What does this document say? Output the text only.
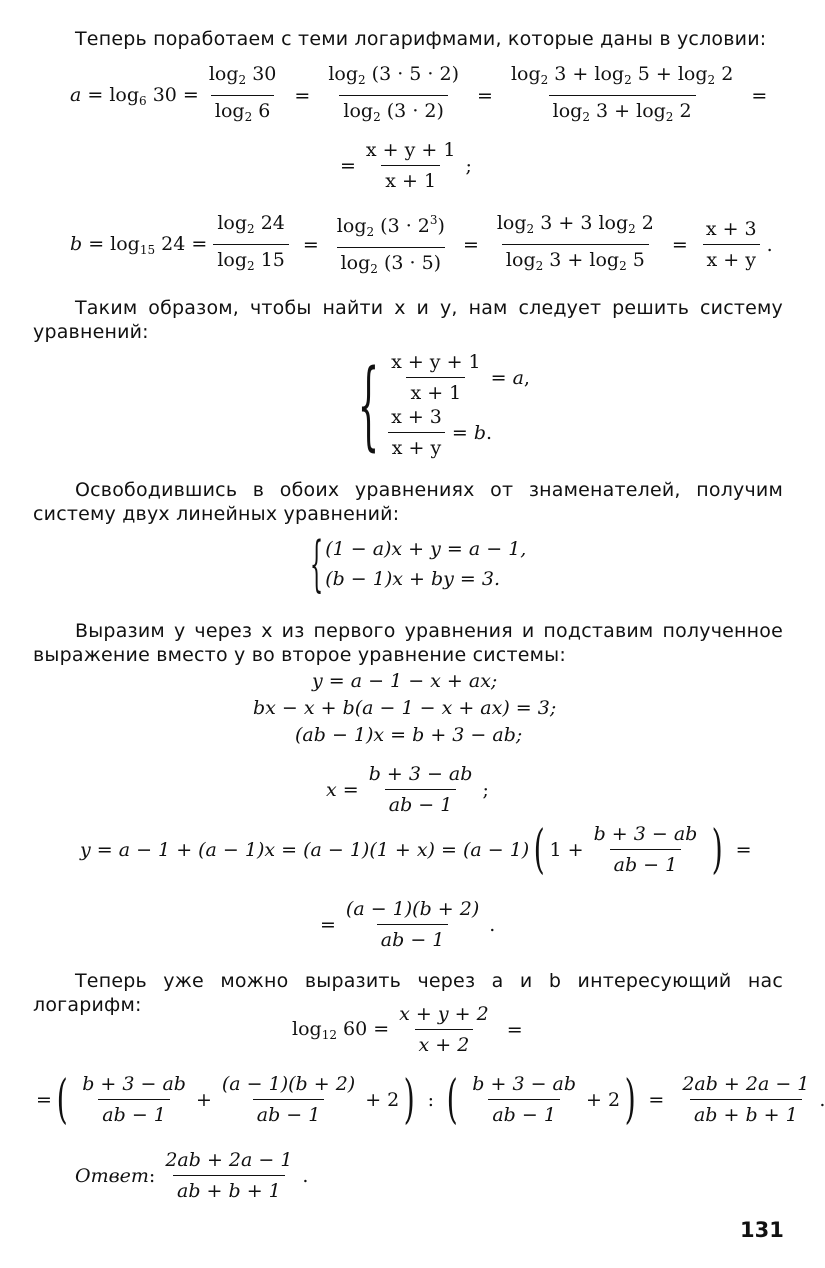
Теперь поработаем с теми логарифмами, которые даны в условии:
$a = \log_6 30 = \frac{\log_2 30}{\log_2 6} = \frac{\log_2 (3 \cdot 5 \cdot 2)}{\log_2 (3 \cdot 2)} = \frac{\log_2 3 + \log_2 5 + \log_2 2}{\log_2 3 + \log_2 2}$ =
= $\frac{x + y + 1}{x + 1}$ ;
$b = \log_{15} 24 = \frac{\log_2 24}{\log_2 15} = \frac{\log_2 (3 \cdot 2^3)}{\log_2 (3 \cdot 5)} = \frac{\log_2 3 + 3 \log_2 2}{\log_2 3 + \log_2 5} = \frac{x + 3}{x + y}$ .
Таким образом, чтобы найти x и y, нам следует решить систему уравнений:
{ $\frac{x + y + 1}{x + 1} = a$,
$\frac{x + 3}{x + y} = b$.
Освободившись в обоих уравнениях от знаменателей, получим систему двух линейных уравнений:
{ (1 − a)x + y = a − 1,
(b − 1)x + by = 3.
Выразим y через x из первого уравнения и подставим полученное выражение вместо y во второе уравнение системы:
y = a − 1 − x + ax;
bx − x + b(a − 1 − x + ax) = 3;
(ab − 1)x = b + 3 − ab;
$x = \frac{b + 3 - ab}{ab - 1}$ ;
y = a − 1 + (a − 1)x = (a − 1)(1 + x) = (a − 1) ( $1 + \frac{b + 3 - ab}{ab - 1}$ ) =
= $\frac{(a - 1)(b + 2)}{ab - 1}$ .
Теперь уже можно выразить через a и b интересующий нас логарифм:
$\log_{12} 60 = \frac{x + y + 2}{x + 2}$ =
= ( $\frac{b + 3 - ab}{ab - 1} + \frac{(a - 1)(b + 2)}{ab - 1} + 2$ ) : ( $\frac{b + 3 - ab}{ab - 1} + 2$ ) = $\frac{2ab + 2a - 1}{ab + b + 1}$ .
Ответ : $\frac{2ab + 2a - 1}{ab + b + 1}$ .
131
